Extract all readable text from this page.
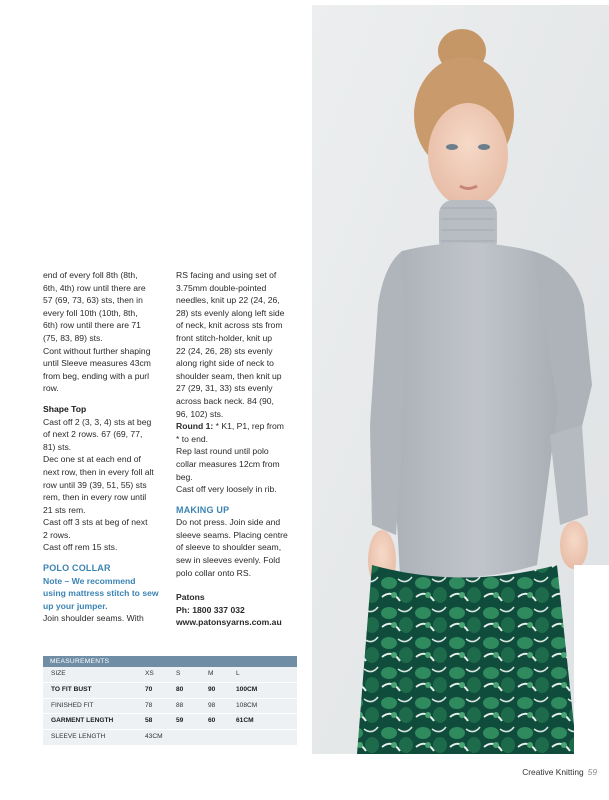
end of every foll 8th (8th,
6th, 4th) row until there are
57 (69, 73, 63) sts, then in
every foll 10th (10th, 8th,
6th) row until there are 71
(75, 83, 89) sts.

Cont without further shaping
until Sleeve measures 43cm
from beg, ending with a purl
row.

Shape Top

Cast off 2 (3, 3, 4) sts at beg
of next 2 rows. 67 (69, 77,
81) sts.

Dec one st at each end of
next row, then in every foll alt
row until 39 (39, 51, 55) sts
rem, then in every row until
21 sts rem.

Cast off 3 sts at beg of next
2 rows.

Cast off rem 15 sts.

POLO COLLAR

Note – We recommend
using mattress stitch to sew
up your jumper.

Join shoulder seams. With

RS facing and using set of
3.75mm double-pointed
needles, knit up 22 (24, 26,
28) sts evenly along left side
of neck, knit across sts from
front stitch-holder, knit up
22 (24, 26, 28) sts evenly
along right side of neck to
shoulder seam, then knit up
27 (29, 31, 33) sts evenly
across back neck. 84 (90,
96, 102) sts.

Round 1: * K1, P1, rep from
* to end.

Rep last round until polo
collar measures 12cm from
beg.

Cast off very loosely in rib.

MAKING UP

Do not press. Join side and
sleeve seams. Placing centre
of sleeve to shoulder seam,
sew in sleeves evenly. Fold
polo collar onto RS.

Patons

Ph: 1800 337 032

www.patonsyarns.com.au

MEASUREMENTS
SIZE	XS	S	M	L
TO FIT BUST	70	80	90	100CM
FINISHED FIT	78	88	98	108CM
GARMENT LENGTH	58	59	60	61CM
SLEEVE LENGTH	43CM
Creative Knitting 59
PassionForum.ru
